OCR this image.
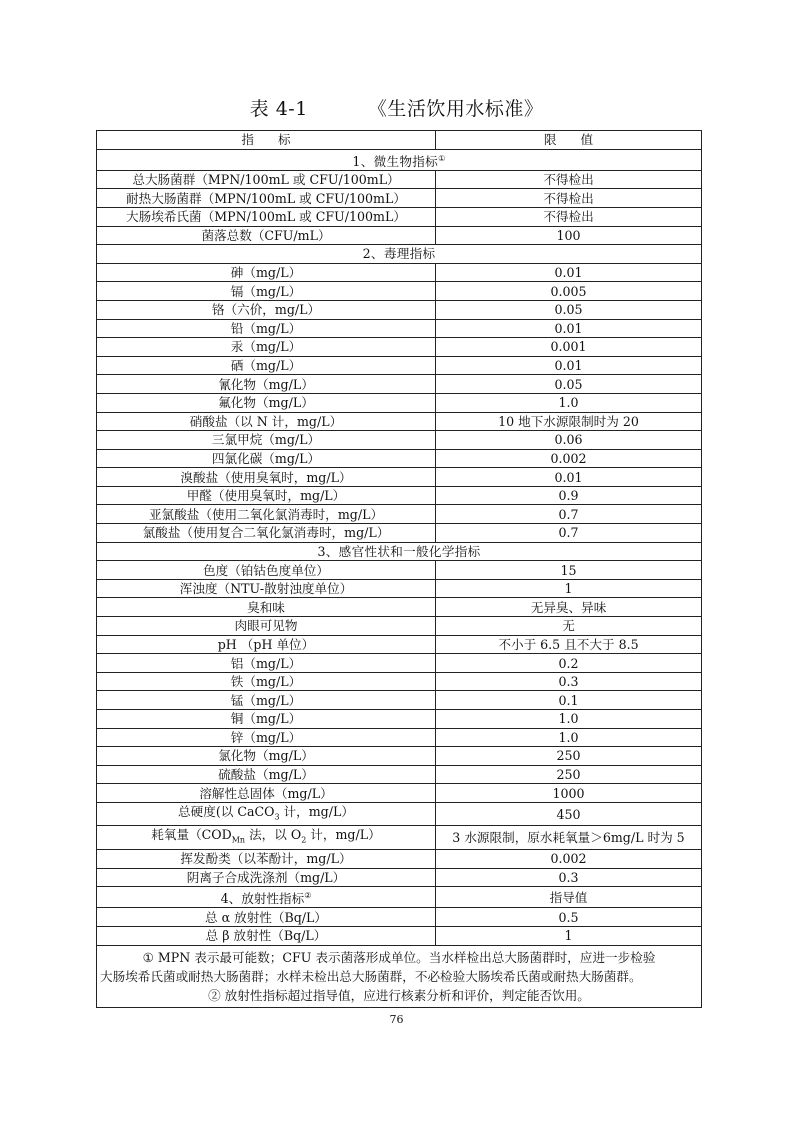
表 4-1	《生活饮用水标准》
指      标	限      值
1、微生物指标①
总大肠菌群（MPN/100mL 或 CFU/100mL）	不得检出
耐热大肠菌群（MPN/100mL 或 CFU/100mL）	不得检出
大肠埃希氏菌（MPN/100mL 或 CFU/100mL）	不得检出
菌落总数（CFU/mL）	100
2、毒理指标	
砷（mg/L）	0.01
镉（mg/L）	0.005
铬（六价，mg/L）	0.05
铅（mg/L）	0.01
汞（mg/L）	0.001
硒（mg/L）	0.01
氰化物（mg/L）	0.05
氟化物（mg/L）	1.0
硝酸盐（以 N 计，mg/L）	10 地下水源限制时为 20
三氯甲烷（mg/L）	0.06
四氯化碳（mg/L）	0.002
溴酸盐（使用臭氧时，mg/L）	0.01
甲醛（使用臭氧时，mg/L）	0.9
亚氯酸盐（使用二氧化氯消毒时，mg/L）	0.7
氯酸盐（使用复合二氧化氯消毒时，mg/L）	0.7
3、感官性状和一般化学指标	
色度（铂钴色度单位）	15
浑浊度（NTU-散射浊度单位）	1
臭和味	无异臭、异味
肉眼可见物	无
pH （pH 单位）	不小于 6.5 且不大于 8.5
铝（mg/L）	0.2
铁（mg/L）	0.3
锰（mg/L）	0.1
铜（mg/L）	1.0
锌（mg/L）	1.0
氯化物（mg/L）	250
硫酸盐（mg/L）	250
溶解性总固体（mg/L）	1000
总硬度(以 CaCO$_3$ 计，mg/L）	450
耗氧量（$COD_{Mn}$ 法，以 $O_2$ 计，mg/L）	3 水源限制，原水耗氧量＞6mg/L 时为 5
挥发酚类（以苯酚计，mg/L）	0.002
阴离子合成洗涤剂（mg/L）	0.3
4、放射性指标②	指导值
总 α 放射性（Bq/L）	0.5
总 β 放射性（Bq/L）	1

① MPN 表示最可能数；CFU 表示菌落形成单位。当水样检出总大肠菌群时，应进一步检验
大肠埃希氏菌或耐热大肠菌群；水样未检出总大肠菌群，不必检验大肠埃希氏菌或耐热大肠菌群。
② 放射性指标超过指导值，应进行核素分析和评价，判定能否饮用。	
76
